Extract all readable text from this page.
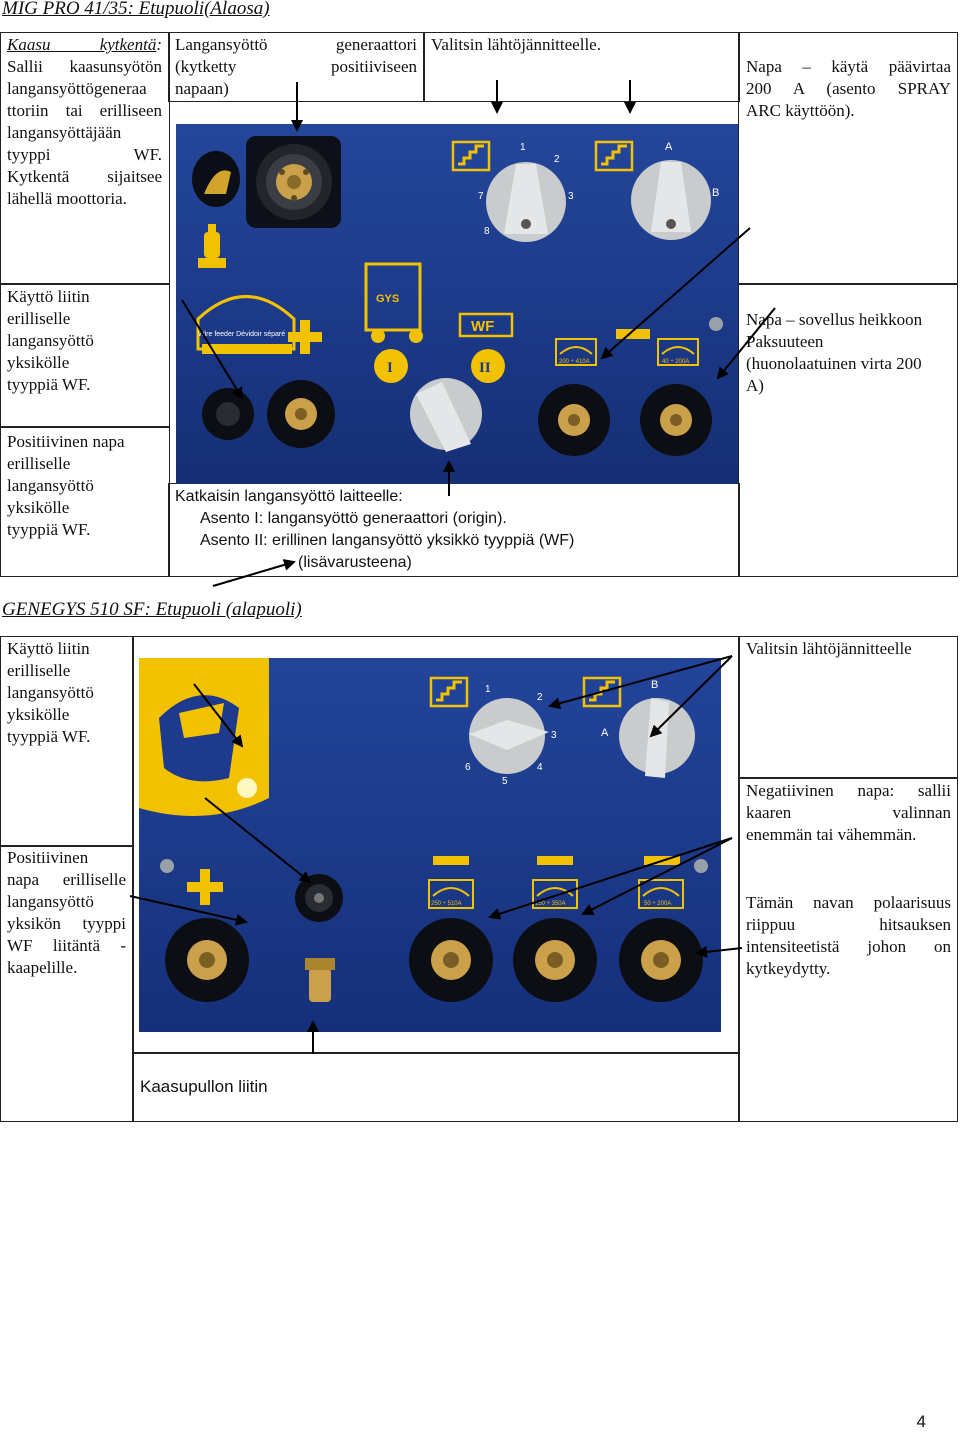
MIG PRO 41/35: Etupuoli(Alaosa)
Kaasu kytkentä:
Sallii kaasunsyötön
langansyöttögeneraa
ttoriin tai erilliseen
langansyöttäjään
tyyppi WF.
Kytkentä sijaitsee
lähellä moottoria.
Langansyöttö generaattori
(kytketty positiiviseen
napaan)
Valitsin lähtöjännitteelle.
Napa – käytä päävirtaa
200 A (asento SPRAY
ARC käyttöön).
Käyttö liitin
erilliselle
langansyöttö
yksikölle
tyyppiä WF.
Napa – sovellus heikkoon
Paksuuteen
(huonolaatuinen virta 200
A)
Positiivinen napa
erilliselle
langansyöttö
yksikölle
tyyppiä WF.
Katkaisin langansyöttö laitteelle:
Asento I: langansyöttö generaattori (origin).
Asento II: erillinen langansyöttö yksikkö tyyppiä (WF)
(lisävarusteena)
1
2
3
7
8
A
B
Wire feeder Dévidoir séparé
GYS
WF
I	II	200 ÷ 410A	40 ÷ 200A
GENEGYS 510 SF: Etupuoli (alapuoli)
Käyttö liitin
erilliselle
langansyöttö
yksikölle
tyyppiä WF.
Valitsin lähtöjännitteelle
Negatiivinen napa: sallii
kaaren valinnan
enemmän tai vähemmän.
Tämän navan polaarisuus
riippuu hitsauksen
intensiteetistä johon on
kytkeydytty.
Positiivinen
napa erilliselle
langansyöttö
yksikön tyyppi
WF liitäntä -
kaapelille.
Kaasupullon liitin
1
2
3
4
5
6
A
B
250 ÷ 510A	150 ÷ 350A	50 ÷ 200A
4
